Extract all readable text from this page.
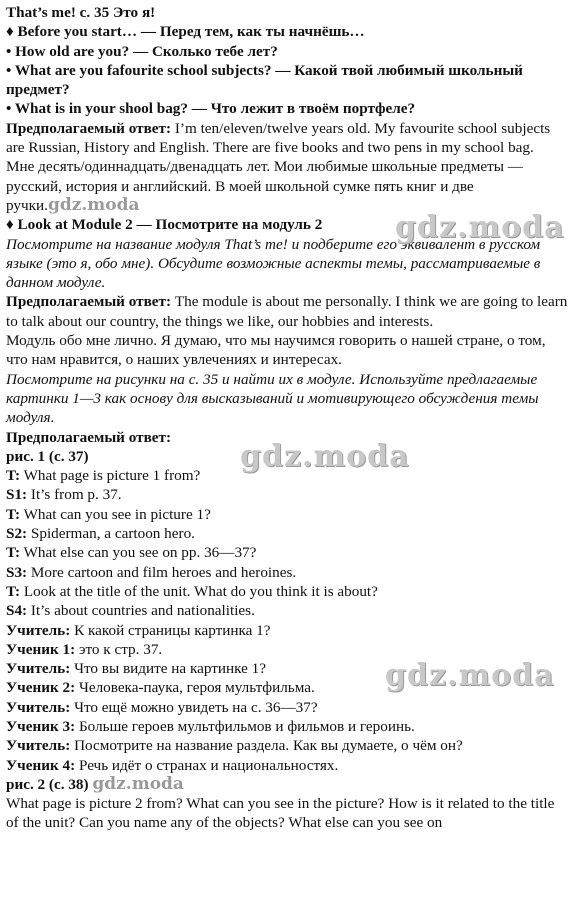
That’s me! с. 35 Это я!

♦ Before you start… — Перед тем, как ты начнёшь…

• How old are you? — Сколько тебе лет?

• What are you fafourite school subjects? — Какой твой любимый школьный предмет?

• What is in your shool bag? — Что лежит в твоём портфеле?

Предполагаемый ответ: I’m ten/eleven/twelve years old. My favourite school subjects are Russian, History and English. There are five books and two pens in my school bag.

Мне десять/одиннадцать/двенадцать лет. Мои любимые школьные предметы — русский, история и английский. В моей школьной сумке пять книг и две ручки.gdz.moda

♦ Look at Module 2 — Посмотрите на модуль 2

Посмотрите на название модуля That’s me! и подберите его эквивалент в русском языке (это я, обо мне). Обсудите возможные аспекты темы, рассматриваемые в данном модуле.

Предполагаемый ответ: The module is about me personally. I think we are going to learn to talk about our country, the things we like, our hobbies and interests.

Модуль обо мне лично. Я думаю, что мы научимся говорить о нашей стране, о том, что нам нравится, о наших увлечениях и интересах.

Посмотрите на рисунки на с. 35 и найти их в модуле. Используйте предлагаемые картинки 1—3 как основу для высказываний и мотивирующего обсуждения темы модуля.

Предполагаемый ответ:

рис. 1 (с. 37)

T: What page is picture 1 from?

S1: It’s from p. 37.

T: What can you see in picture 1?

S2: Spiderman, a cartoon hero.

T: What else can you see on pp. 36—37?

S3: More cartoon and film heroes and heroines.

T: Look at the title of the unit. What do you think it is about?

S4: It’s about countries and nationalities.

Учитель: К какой страницы картинка 1?

Ученик 1: это к стр. 37.

Учитель: Что вы видите на картинке 1?

Ученик 2: Человека-паука, героя мультфильма.

Учитель: Что ещё можно увидеть на с. 36—37?

Ученик 3: Больше героев мультфильмов и фильмов и героинь.

Учитель: Посмотрите на название раздела. Как вы думаете, о чём он?

Ученик 4: Речь идёт о странах и национальностях.

рис. 2 (с. 38) gdz.moda

What page is picture 2 from? What can you see in the picture? How is it related to the title of the unit? Can you name any of the objects? What else can you see on

gdz.moda
gdz.moda
gdz.moda
